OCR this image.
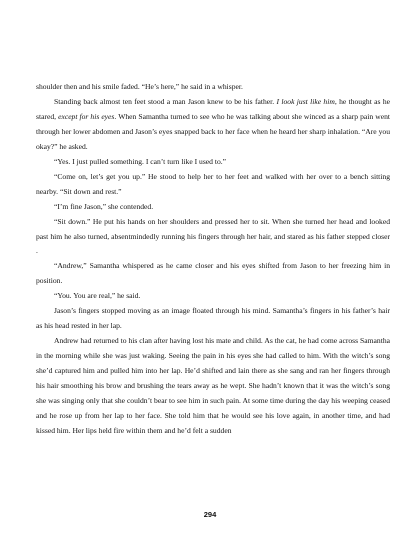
shoulder then and his smile faded. “He’s here,” he said in a whisper.

Standing back almost ten feet stood a man Jason knew to be his father. I look just like him, he thought as he stared, except for his eyes. When Samantha turned to see who he was talking about she winced as a sharp pain went through her lower abdomen and Jason’s eyes snapped back to her face when he heard her sharp inhalation. “Are you okay?” he asked.

“Yes. I just pulled something. I can’t turn like I used to.”

“Come on, let’s get you up.” He stood to help her to her feet and walked with her over to a bench sitting nearby. “Sit down and rest.”

“I’m fine Jason,” she contended.

“Sit down.” He put his hands on her shoulders and pressed her to sit. When she turned her head and looked past him he also turned, absentmindedly running his fingers through her hair, and stared as his father stepped closer .

“Andrew,” Samantha whispered as he came closer and his eyes shifted from Jason to her freezing him in position.

“You. You are real,” he said.

Jason’s fingers stopped moving as an image floated through his mind. Samantha’s fingers in his father’s hair as his head rested in her lap.

Andrew had returned to his clan after having lost his mate and child. As the cat, he had come across Samantha in the morning while she was just waking. Seeing the pain in his eyes she had called to him. With the witch’s song she’d captured him and pulled him into her lap. He’d shifted and lain there as she sang and ran her fingers through his hair smoothing his brow and brushing the tears away as he wept. She hadn’t known that it was the witch’s song she was singing only that she couldn’t bear to see him in such pain. At some time during the day his weeping ceased and he rose up from her lap to her face. She told him that he would see his love again, in another time, and had kissed him. Her lips held fire within them and he’d felt a sudden

294
